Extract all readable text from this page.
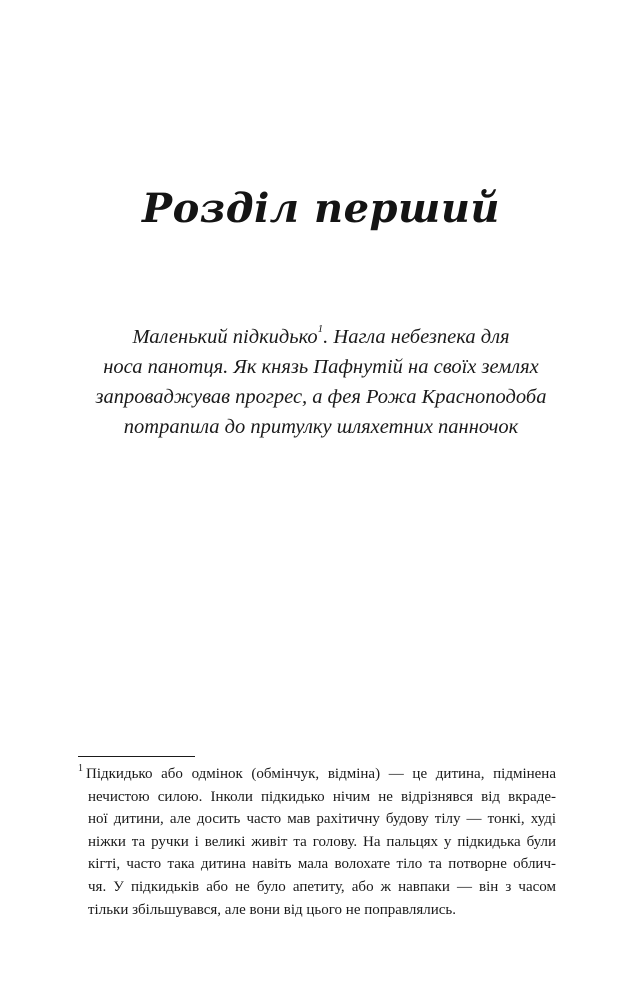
Розділ перший
Маленький підкидько$^1$. Нагла небезпека для
носа панотця. Як князь Пафнутій на своїх землях
запроваджував прогрес, а фея Рожа Красноподоба
потрапила до притулку шляхетних панночок
$^1$ Підкидько або одмінок (обмінчук, відміна) — це дитина, підмінена
нечистою силою. Інколи підкидько нічим не відрізнявся від вкраде-
ної дитини, але досить часто мав рахітичну будову тілу — тонкі, худі
ніжки та ручки і великі живіт та голову. На пальцях у підкидька були
кігті, часто така дитина навіть мала волохате тіло та потворне облич-
чя. У підкидьків або не було апетиту, або ж навпаки — він з часом
тільки збільшувався, але вони від цього не поправлялись.
